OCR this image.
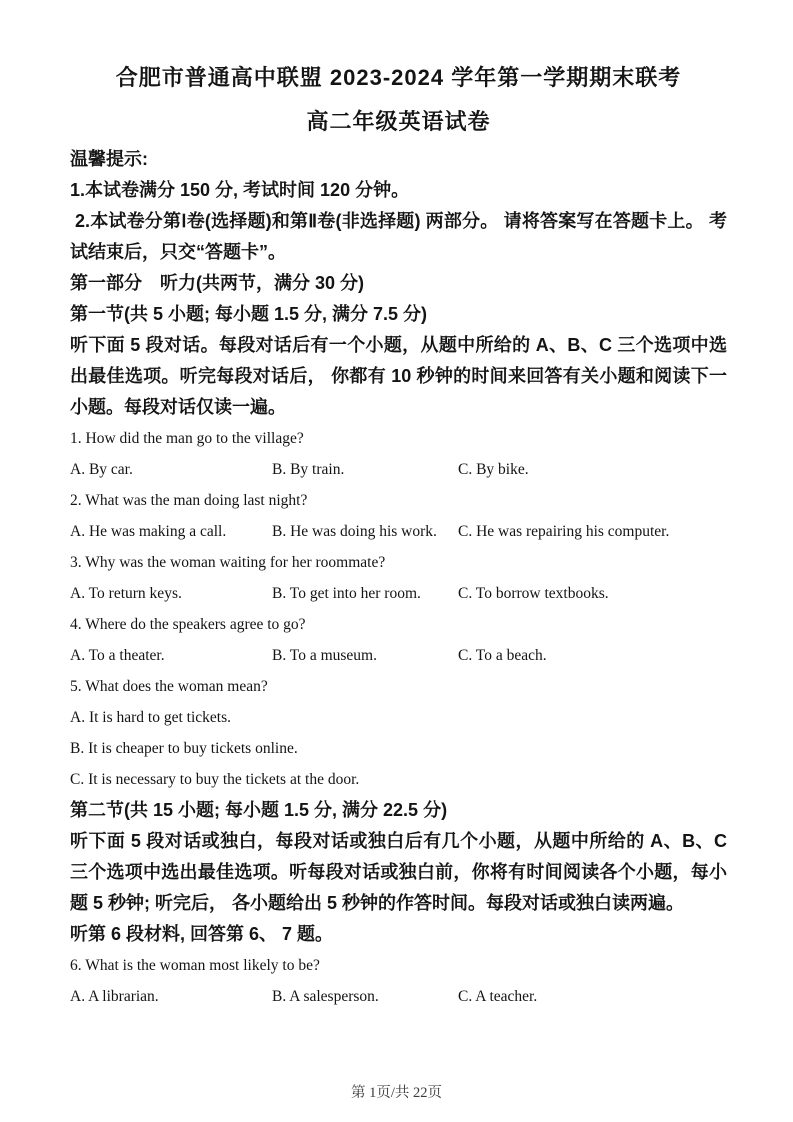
合肥市普通高中联盟 2023-2024 学年第一学期期末联考
高二年级英语试卷
温馨提示:
1.本试卷满分 150 分, 考试时间 120 分钟。
2.本试卷分第Ⅰ卷(选择题)和第Ⅱ卷(非选择题) 两部分。 请将答案写在答题卡上。 考试结束后，只交“答题卡”。
第一部分　听力(共两节，满分 30 分)
第一节(共 5 小题; 每小题 1.5 分, 满分 7.5 分)
听下面 5 段对话。每段对话后有一个小题，从题中所给的 A、B、C 三个选项中选出最佳选项。听完每段对话后， 你都有 10 秒钟的时间来回答有关小题和阅读下一小题。每段对话仅读一遍。
1. How did the man go to the village?
A. By car.	B. By train.	C. By bike.
2. What was the man doing last night?
A. He was making a call.	B. He was doing his work.	C. He was repairing his computer.
3. Why was the woman waiting for her roommate?
A. To return keys.	B. To get into her room.	C. To borrow textbooks.
4. Where do the speakers agree to go?
A. To a theater.	B. To a museum.	C. To a beach.
5. What does the woman mean?
A. It is hard to get tickets.
B. It is cheaper to buy tickets online.
C. It is necessary to buy the tickets at the door.
第二节(共 15 小题; 每小题 1.5 分, 满分 22.5 分)
听下面 5 段对话或独白，每段对话或独白后有几个小题，从题中所给的 A、B、C 三个选项中选出最佳选项。听每段对话或独白前，你将有时间阅读各个小题，每小题 5 秒钟; 听完后， 各小题给出 5 秒钟的作答时间。每段对话或独白读两遍。
听第 6 段材料, 回答第 6、 7 题。
6. What is the woman most likely to be?
A. A librarian.	B. A salesperson.	C. A teacher.
第 1页/共 22页
